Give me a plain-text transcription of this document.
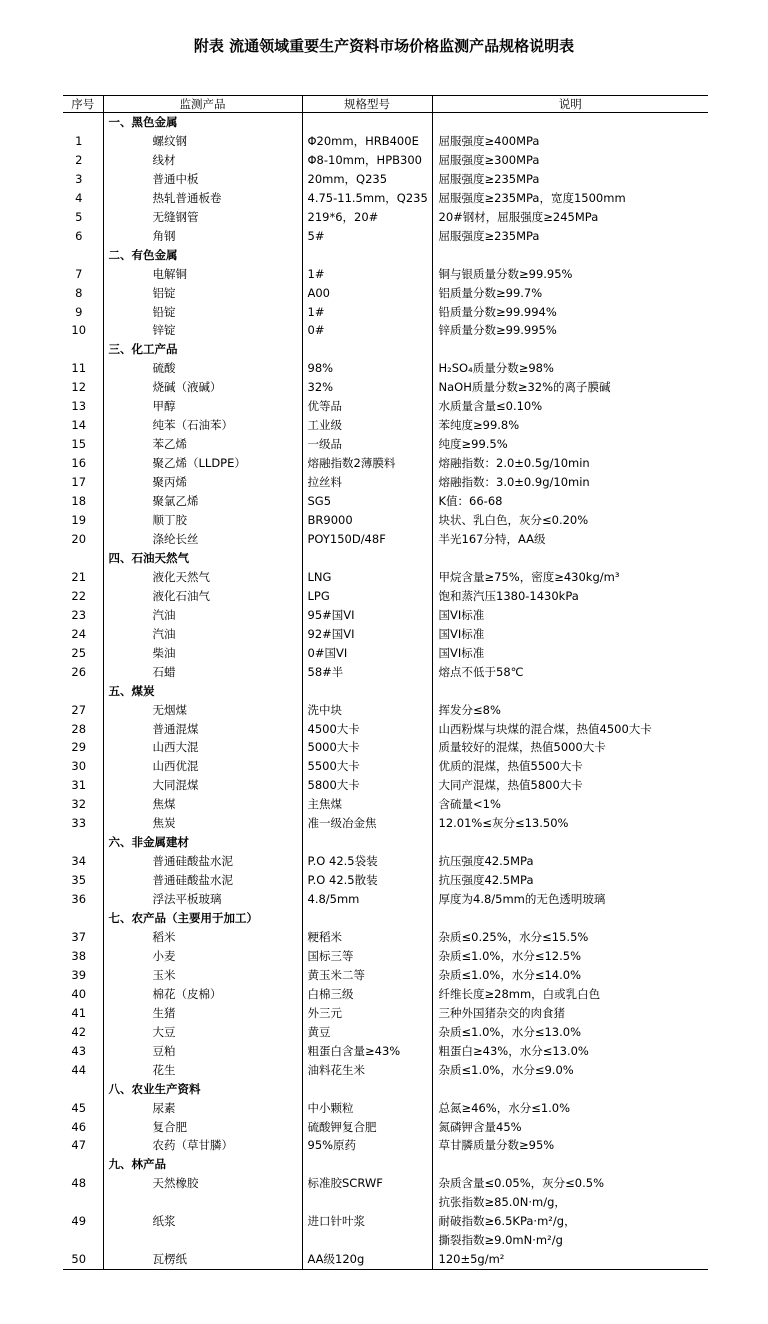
附表 流通领域重要生产资料市场价格监测产品规格说明表
序号	监测产品	规格型号	说明
	一、黑色金属		
1	螺纹钢	Φ20mm，HRB400E	屈服强度≥400MPa
2	线材	Φ8-10mm，HPB300	屈服强度≥300MPa
3	普通中板	20mm，Q235	屈服强度≥235MPa
4	热轧普通板卷	4.75-11.5mm，Q235	屈服强度≥235MPa，宽度1500mm
5	无缝钢管	219*6，20#	20#钢材，屈服强度≥245MPa
6	角钢	5#	屈服强度≥235MPa
	二、有色金属		
7	电解铜	1#	铜与银质量分数≥99.95%
8	铝锭	A00	铝质量分数≥99.7%
9	铅锭	1#	铅质量分数≥99.994%
10	锌锭	0#	锌质量分数≥99.995%
	三、化工产品		
11	硫酸	98%	H₂SO₄质量分数≥98%
12	烧碱（液碱）	32%	NaOH质量分数≥32%的离子膜碱
13	甲醇	优等品	水质量含量≤0.10%
14	纯苯（石油苯）	工业级	苯纯度≥99.8%
15	苯乙烯	一级品	纯度≥99.5%
16	聚乙烯（LLDPE）	熔融指数2薄膜料	熔融指数：2.0±0.5g/10min
17	聚丙烯	拉丝料	熔融指数：3.0±0.9g/10min
18	聚氯乙烯	SG5	K值：66-68
19	顺丁胶	BR9000	块状、乳白色，灰分≤0.20%
20	涤纶长丝	POY150D/48F	半光167分特，AA级
	四、石油天然气		
21	液化天然气	LNG	甲烷含量≥75%，密度≥430kg/m³
22	液化石油气	LPG	饱和蒸汽压1380-1430kPa
23	汽油	95#国VI	国VI标准
24	汽油	92#国VI	国VI标准
25	柴油	0#国VI	国VI标准
26	石蜡	58#半	熔点不低于58℃
	五、煤炭		
27	无烟煤	洗中块	挥发分≤8%
28	普通混煤	4500大卡	山西粉煤与块煤的混合煤，热值4500大卡
29	山西大混	5000大卡	质量较好的混煤，热值5000大卡
30	山西优混	5500大卡	优质的混煤，热值5500大卡
31	大同混煤	5800大卡	大同产混煤，热值5800大卡
32	焦煤	主焦煤	含硫量<1%
33	焦炭	准一级冶金焦	12.01%≤灰分≤13.50%
	六、非金属建材		
34	普通硅酸盐水泥	P.O 42.5袋装	抗压强度42.5MPa
35	普通硅酸盐水泥	P.O 42.5散装	抗压强度42.5MPa
36	浮法平板玻璃	4.8/5mm	厚度为4.8/5mm的无色透明玻璃
	七、农产品（主要用于加工）		
37	稻米	粳稻米	杂质≤0.25%，水分≤15.5%
38	小麦	国标三等	杂质≤1.0%，水分≤12.5%
39	玉米	黄玉米二等	杂质≤1.0%，水分≤14.0%
40	棉花（皮棉）	白棉三级	纤维长度≥28mm，白或乳白色
41	生猪	外三元	三种外国猪杂交的肉食猪
42	大豆	黄豆	杂质≤1.0%，水分≤13.0%
43	豆粕	粗蛋白含量≥43%	粗蛋白≥43%，水分≤13.0%
44	花生	油料花生米	杂质≤1.0%，水分≤9.0%
	八、农业生产资料		
45	尿素	中小颗粒	总氮≥46%，水分≤1.0%
46	复合肥	硫酸钾复合肥	氮磷钾含量45%
47	农药（草甘膦）	95%原药	草甘膦质量分数≥95%
	九、林产品		
48	天然橡胶	标准胶SCRWF	杂质含量≤0.05%，灰分≤0.5%
49	纸浆	进口针叶浆	抗张指数≥85.0N·m/g，
耐破指数≥6.5KPa·m²/g，
撕裂指数≥9.0mN·m²/g

50	瓦楞纸	AA级120g	120±5g/m²
